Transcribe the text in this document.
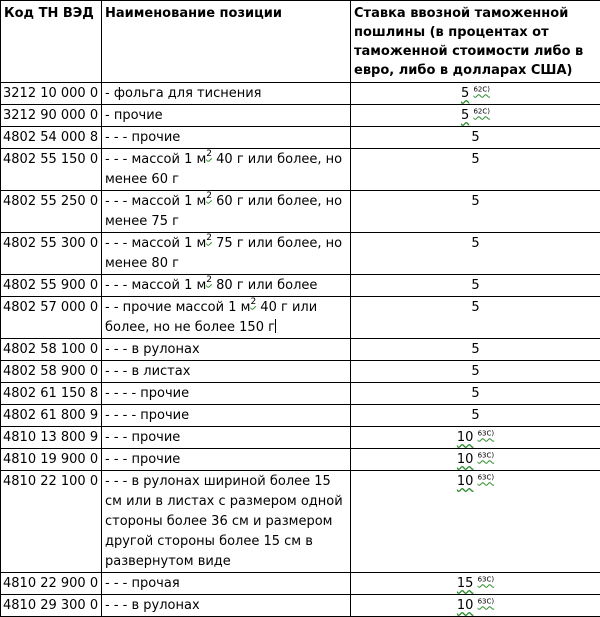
Код ТН ВЭД	Наименование позиции	Ставка ввозной таможенной пошлины (в процентах от таможенной стоимости либо в евро, либо в долларах США)
3212 10 000 0	- фольга для тиснения	5 $^{62С)}$
3212 90 000 0	- прочие	5 $^{62С)}$
4802 54 000 8	- - - прочие	5
4802 55 150 0	- - - массой 1 $м^2$ 40 г или более, но менее 60 г	5
4802 55 250 0	- - - массой 1 $м^2$ 60 г или более, но менее 75 г	5
4802 55 300 0	- - - массой 1 $м^2$ 75 г или более, но менее 80 г	5
4802 55 900 0	- - - массой 1 $м^2$ 80 г или более	5
4802 57 000 0	- - прочие массой 1 $м^2$ 40 г или более, но не более 150 г	5
4802 58 100 0	- - - в рулонах	5
4802 58 900 0	- - - в листах	5
4802 61 150 8	- - - - прочие	5
4802 61 800 9	- - - - прочие	5
4810 13 800 9	- - - прочие	10 $^{63С)}$
4810 19 900 0	- - - прочие	10 $^{63С)}$
4810 22 100 0	- - - в рулонах шириной более 15 см или в листах с размером одной стороны более 36 см и размером другой стороны более 15 см в развернутом виде	10 $^{63С)}$
4810 22 900 0	- - - прочая	15 $^{63С)}$
4810 29 300 0	- - - в рулонах	10 $^{63С)}$
